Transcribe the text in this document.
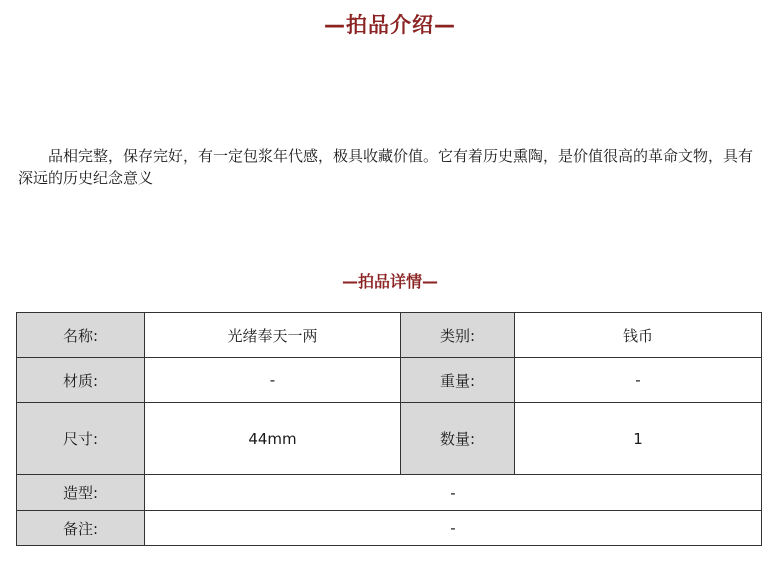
—拍品介绍—

品相完整，保存完好，有一定包浆年代感，极具收藏价值。它有着历史熏陶，是价值很高的革命文物，具有深远的历史纪念意义

—拍品详情—
名称:	光绪奉天一两	类别:	钱币
材质:	-	重量:	-
尺寸:	44mm	数量:	1
造型:	-		
备注:	-		
